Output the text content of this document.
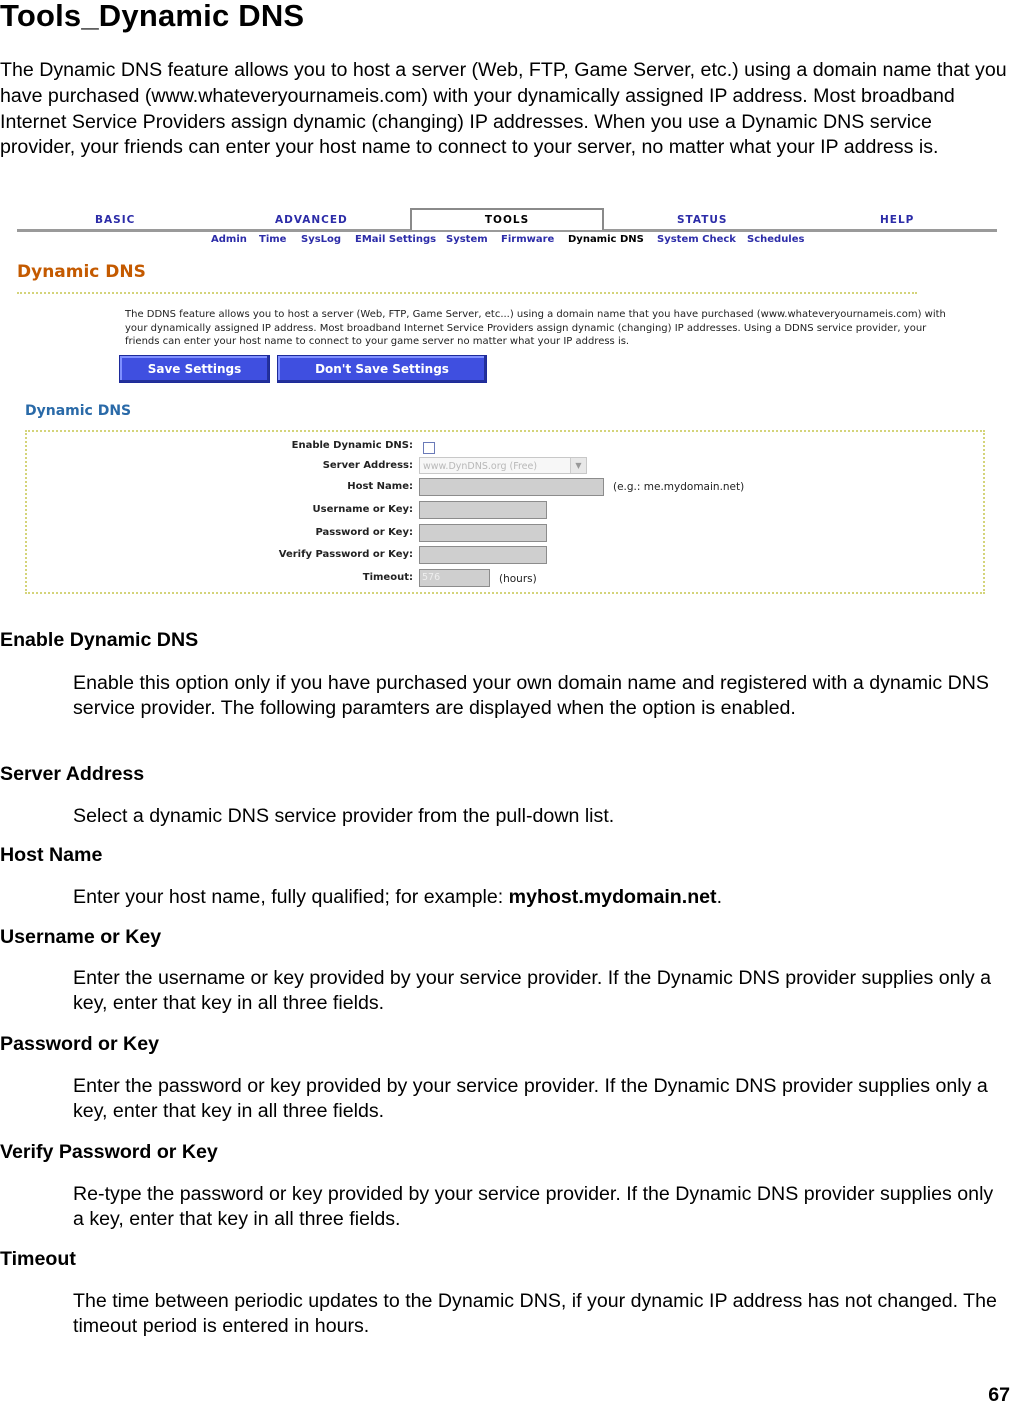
Tools_Dynamic DNS

The Dynamic DNS feature allows you to host a server (Web, FTP, Game Server, etc.) using a domain name that you have purchased (www.whateveryournameis.com) with your dynamically assigned IP address. Most broadband Internet Service Providers assign dynamic (changing) IP addresses. When you use a Dynamic DNS service provider, your friends can enter your host name to connect to your server, no matter what your IP address is.

BASIC	ADVANCED	TOOLS	STATUS	HELP
Admin Time SysLog EMail Settings System Firmware Dynamic DNS System Check Schedules
Dynamic DNS

The DDNS feature allows you to host a server (Web, FTP, Game Server, etc...) using a domain name that you have purchased (www.whateveryournameis.com) with your dynamically assigned IP address. Most broadband Internet Service Providers assign dynamic (changing) IP addresses. Using a DDNS service provider, your friends can enter your host name to connect to your game server no matter what your IP address is.

Save Settings	Don't Save Settings
Dynamic DNS
Enable Dynamic DNS:
Server Address:	www.DynDNS.org (Free)	▼
Host Name:	(e.g.: me.mydomain.net)
Username or Key:
Password or Key:
Verify Password or Key:
Timeout: 576	(hours)
Enable Dynamic DNS

Enable this option only if you have purchased your own domain name and registered with a dynamic DNS service provider. The following paramters are displayed when the option is enabled.

Server Address

Select a dynamic DNS service provider from the pull-down list.

Host Name

Enter your host name, fully qualified; for example: myhost.mydomain.net.

Username or Key

Enter the username or key provided by your service provider. If the Dynamic DNS provider supplies only a key, enter that key in all three fields.

Password or Key

Enter the password or key provided by your service provider. If the Dynamic DNS provider supplies only a key, enter that key in all three fields.

Verify Password or Key

Re-type the password or key provided by your service provider. If the Dynamic DNS provider supplies only a key, enter that key in all three fields.

Timeout

The time between periodic updates to the Dynamic DNS, if your dynamic IP address has not changed. The timeout period is entered in hours.

67
